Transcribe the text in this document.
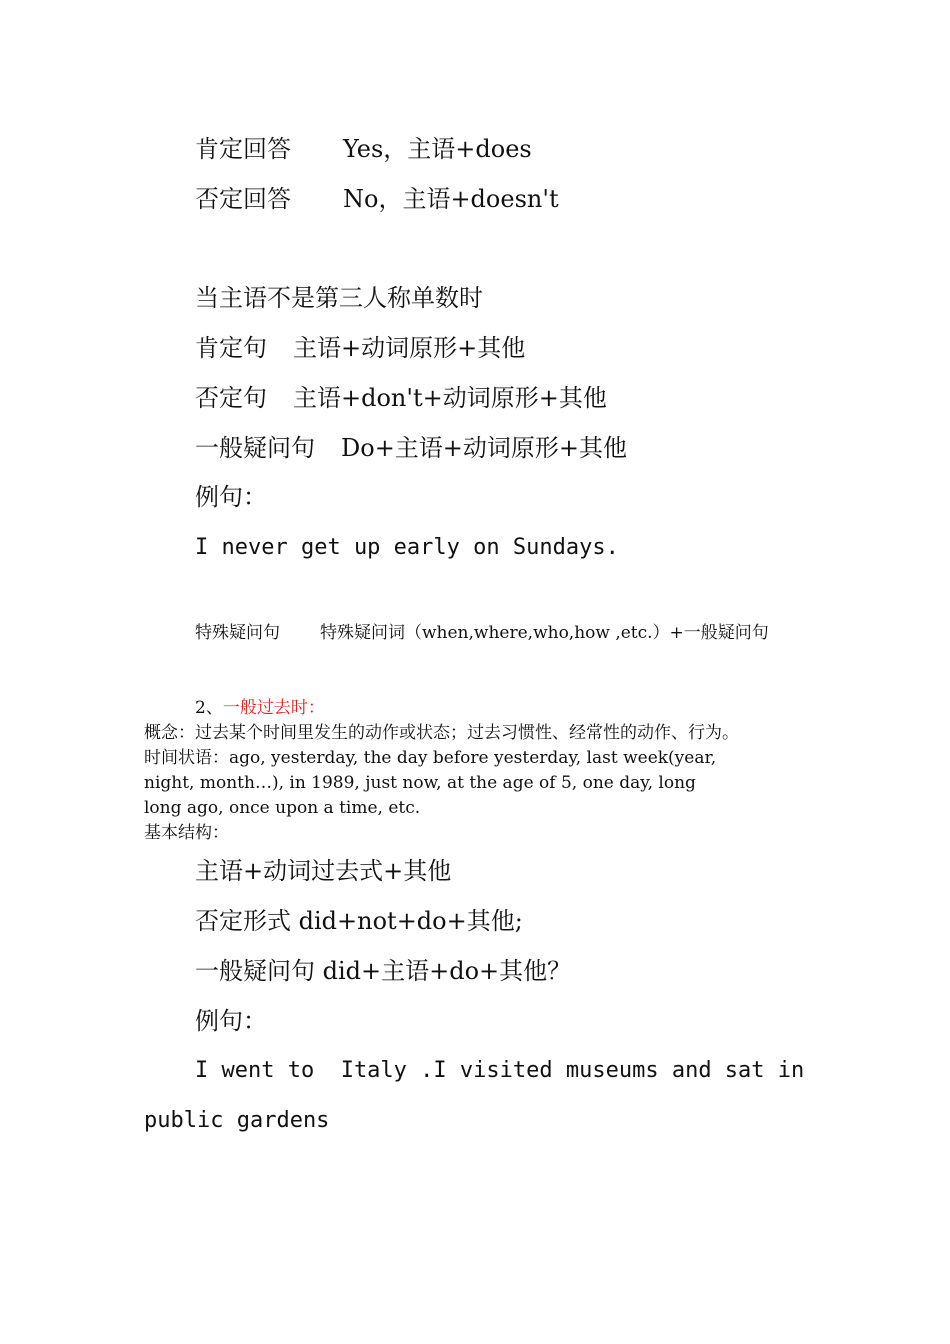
肯定回答 Yes，主语+does
否定回答 No，主语+doesn't
当主语不是第三人称单数时
肯定句 主语+动词原形+其他
否定句 主语+don't+动词原形+其他
一般疑问句 Do+主语+动词原形+其他
例句：
I never get up early on Sundays.
特殊疑问句 特殊疑问词（when,where,who,how ,etc.）+一般疑问句
2、一般过去时：
概念：过去某个时间里发生的动作或状态；过去习惯性、经常性的动作、行为。
时间状语：ago, yesterday, the day before yesterday, last week(year,
night, month…), in 1989, just now, at the age of 5, one day, long
long ago, once upon a time, etc.
基本结构：
主语+动词过去式+其他
否定形式 did+not+do+其他;
一般疑问句 did+主语+do+其他？
例句：
I went to  Italy .I visited museums and sat in
public gardens
